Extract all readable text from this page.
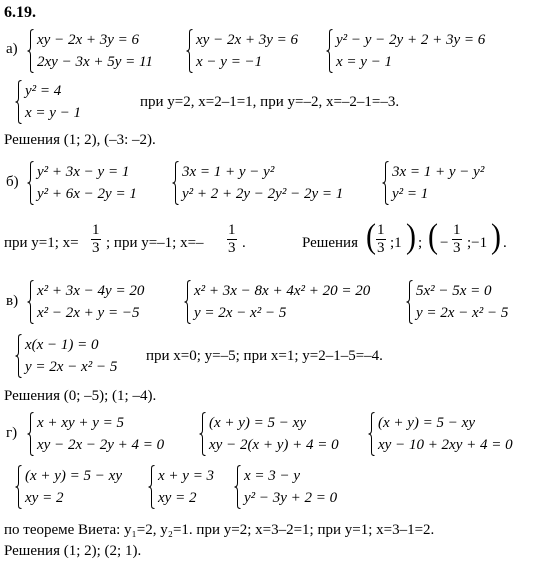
6.19.
а)
xy − 2x + 3y = 6
2xy − 3x + 5y = 11
xy − 2x + 3y = 6
x − y = −1
y² − y − 2y + 2 + 3y = 6
x = y − 1
y² = 4
x = y − 1
при y=2, x=2–1=1, при y=–2, x=–2–1=–3.
Решения (1; 2), (–3: –2).
б)
y² + 3x − y = 1
y² + 6x − 2y = 1
3x = 1 + y − y²
y² + 2 + 2y − 2y² − 2y = 1
3x = 1 + y − y²
y² = 1
при y=1; $x= \frac{1}{3}$ ; при y=–1; $x=- \frac{1}{3}$ .	Решения ( $\frac{1}{3}$ ;1 ) ; ( − $\frac{1}{3}$ ;−1 ) .
в)
x² + 3x − 4y = 20
x² − 2x + y = −5
x² + 3x − 8x + 4x² + 20 = 20
y = 2x − x² − 5
5x² − 5x = 0
y = 2x − x² − 5
x(x − 1) = 0
y = 2x − x² − 5
при x=0; y=–5; при x=1; y=2–1–5=–4.
Решения (0; –5); (1; –4).
г)
x + xy + y = 5
xy − 2x − 2y + 4 = 0
(x + y) = 5 − xy
xy − 2(x + y) + 4 = 0
(x + y) = 5 − xy
xy − 10 + 2xy + 4 = 0
(x + y) = 5 − xy
xy = 2
x + y = 3
xy = 2
x = 3 − y
y² − 3y + 2 = 0
по теореме Виета: y₁=2, y₂=1. при y=2; x=3–2=1; при y=1; x=3–1=2.
Решения (1; 2); (2; 1).
